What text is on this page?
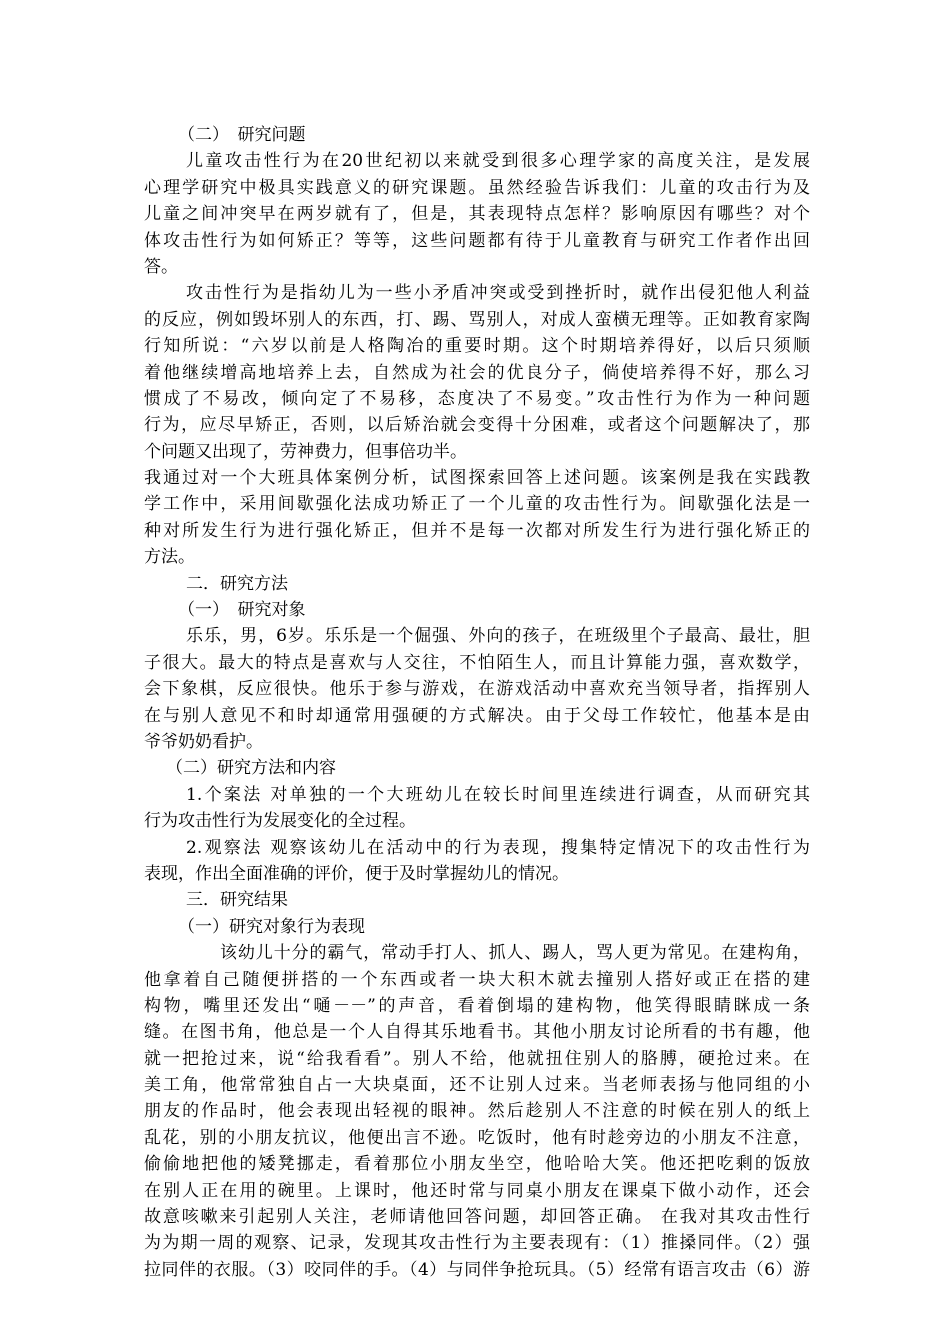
（二）　研究问题
儿童攻击性行为在20世纪初以来就受到很多心理学家的高度关注，是发展
心理学研究中极具实践意义的研究课题。虽然经验告诉我们：儿童的攻击行为及
儿童之间冲突早在两岁就有了，但是，其表现特点怎样？影响原因有哪些？对个
体攻击性行为如何矫正？等等，这些问题都有待于儿童教育与研究工作者作出回
答。
攻击性行为是指幼儿为一些小矛盾冲突或受到挫折时，就作出侵犯他人利益
的反应，例如毁坏别人的东西，打、踢、骂别人，对成人蛮横无理等。正如教育家陶
行知所说：“六岁以前是人格陶冶的重要时期。这个时期培养得好，以后只须顺
着他继续增高地培养上去，自然成为社会的优良分子，倘使培养得不好，那么习
惯成了不易改，倾向定了不易移，态度决了不易变。”攻击性行为作为一种问题
行为，应尽早矫正，否则，以后矫治就会变得十分困难，或者这个问题解决了，那
个问题又出现了，劳神费力，但事倍功半。
我通过对一个大班具体案例分析，试图探索回答上述问题。该案例是我在实践教
学工作中，采用间歇强化法成功矫正了一个儿童的攻击性行为。间歇强化法是一
种对所发生行为进行强化矫正，但并不是每一次都对所发生行为进行强化矫正的
方法。
二．研究方法
（一）　研究对象
乐乐，男，6岁。乐乐是一个倔强、外向的孩子，在班级里个子最高、最壮，胆
子很大。最大的特点是喜欢与人交往，不怕陌生人，而且计算能力强，喜欢数学，
会下象棋，反应很快。他乐于参与游戏，在游戏活动中喜欢充当领导者，指挥别人
在与别人意见不和时却通常用强硬的方式解决。由于父母工作较忙，他基本是由
爷爷奶奶看护。
（二）研究方法和内容
1.个案法 对单独的一个大班幼儿在较长时间里连续进行调查，从而研究其
行为攻击性行为发展变化的全过程。
2.观察法 观察该幼儿在活动中的行为表现，搜集特定情况下的攻击性行为
表现，作出全面准确的评价，便于及时掌握幼儿的情况。
三．研究结果
（一）研究对象行为表现
该幼儿十分的霸气，常动手打人、抓人、踢人，骂人更为常见。在建构角，
他拿着自己随便拼搭的一个东西或者一块大积木就去撞别人搭好或正在搭的建
构物，嘴里还发出“嗵－－”的声音，看着倒塌的建构物，他笑得眼睛眯成一条
缝。在图书角，他总是一个人自得其乐地看书。其他小朋友讨论所看的书有趣，他
就一把抢过来，说“给我看看”。别人不给，他就扭住别人的胳膊，硬抢过来。在
美工角，他常常独自占一大块桌面，还不让别人过来。当老师表扬与他同组的小
朋友的作品时，他会表现出轻视的眼神。然后趁别人不注意的时候在别人的纸上
乱花，别的小朋友抗议，他便出言不逊。吃饭时，他有时趁旁边的小朋友不注意，
偷偷地把他的矮凳挪走，看着那位小朋友坐空，他哈哈大笑。他还把吃剩的饭放
在别人正在用的碗里。上课时，他还时常与同桌小朋友在课桌下做小动作，还会
故意咳嗽来引起别人关注，老师请他回答问题，却回答正确。 在我对其攻击性行
为为期一周的观察、记录，发现其攻击性行为主要表现有：（1）推搡同伴。（2）强
拉同伴的衣服。（3）咬同伴的手。（4）与同伴争抢玩具。（5）经常有语言攻击（6）游
